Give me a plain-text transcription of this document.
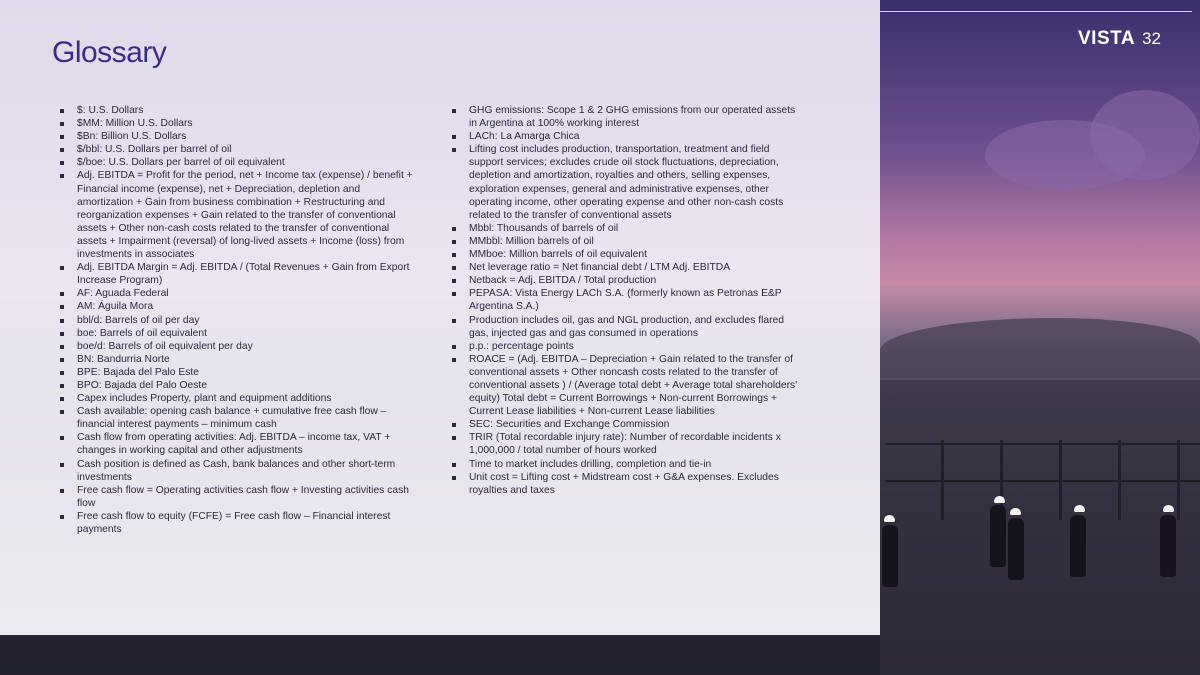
VISTA 32
Glossary
$: U.S. Dollars
$MM: Million U.S. Dollars
$Bn: Billion U.S. Dollars
$/bbl: U.S. Dollars per barrel of oil
$/boe: U.S. Dollars per barrel of oil equivalent
Adj. EBITDA = Profit for the period, net + Income tax (expense) / benefit + Financial income (expense), net + Depreciation, depletion and amortization + Gain from business combination + Restructuring and reorganization expenses + Gain related to the transfer of conventional assets + Other non-cash costs related to the transfer of conventional assets + Impairment (reversal) of long-lived assets + Income (loss) from investments in associates
Adj. EBITDA Margin = Adj. EBITDA / (Total Revenues + Gain from Export Increase Program)
AF: Aguada Federal
AM: Águila Mora
bbl/d: Barrels of oil per day
boe: Barrels of oil equivalent
boe/d: Barrels of oil equivalent per day
BN: Bandurria Norte
BPE: Bajada del Palo Este
BPO: Bajada del Palo Oeste
Capex includes Property, plant and equipment additions
Cash available: opening cash balance + cumulative free cash flow – financial interest payments – minimum cash
Cash flow from operating activities: Adj. EBITDA – income tax, VAT + changes in working capital and other adjustments
Cash position is defined as Cash, bank balances and other short-term investments
Free cash flow = Operating activities cash flow + Investing activities cash flow
Free cash flow to equity (FCFE) = Free cash flow – Financial interest payments
GHG emissions: Scope 1 & 2 GHG emissions from our operated assets in Argentina at 100% working interest
LACh: La Amarga Chica
Lifting cost includes production, transportation, treatment and field support services; excludes crude oil stock fluctuations, depreciation, depletion and amortization, royalties and others, selling expenses, exploration expenses, general and administrative expenses, other operating income, other operating expense and other non-cash costs related to the transfer of conventional assets
Mbbl: Thousands of barrels of oil
MMbbl: Million barrels of oil
MMboe: Million barrels of oil equivalent
Net leverage ratio = Net financial debt / LTM Adj. EBITDA
Netback = Adj. EBITDA / Total production
PEPASA: Vista Energy LACh S.A. (formerly known as Petronas E&P Argentina S.A.)
Production includes oil, gas and NGL production, and excludes flared gas, injected gas and gas consumed in operations
p.p.: percentage points
ROACE = (Adj. EBITDA – Depreciation + Gain related to the transfer of conventional assets + Other noncash costs related to the transfer of conventional assets ) / (Average total debt + Average total shareholders' equity) Total debt = Current Borrowings + Non-current Borrowings + Current Lease liabilities + Non-current Lease liabilities
SEC: Securities and Exchange Commission
TRIR (Total recordable injury rate): Number of recordable incidents x 1,000,000 / total number of hours worked
Time to market includes drilling, completion and tie-in
Unit cost = Lifting cost + Midstream cost + G&A expenses. Excludes royalties and taxes
